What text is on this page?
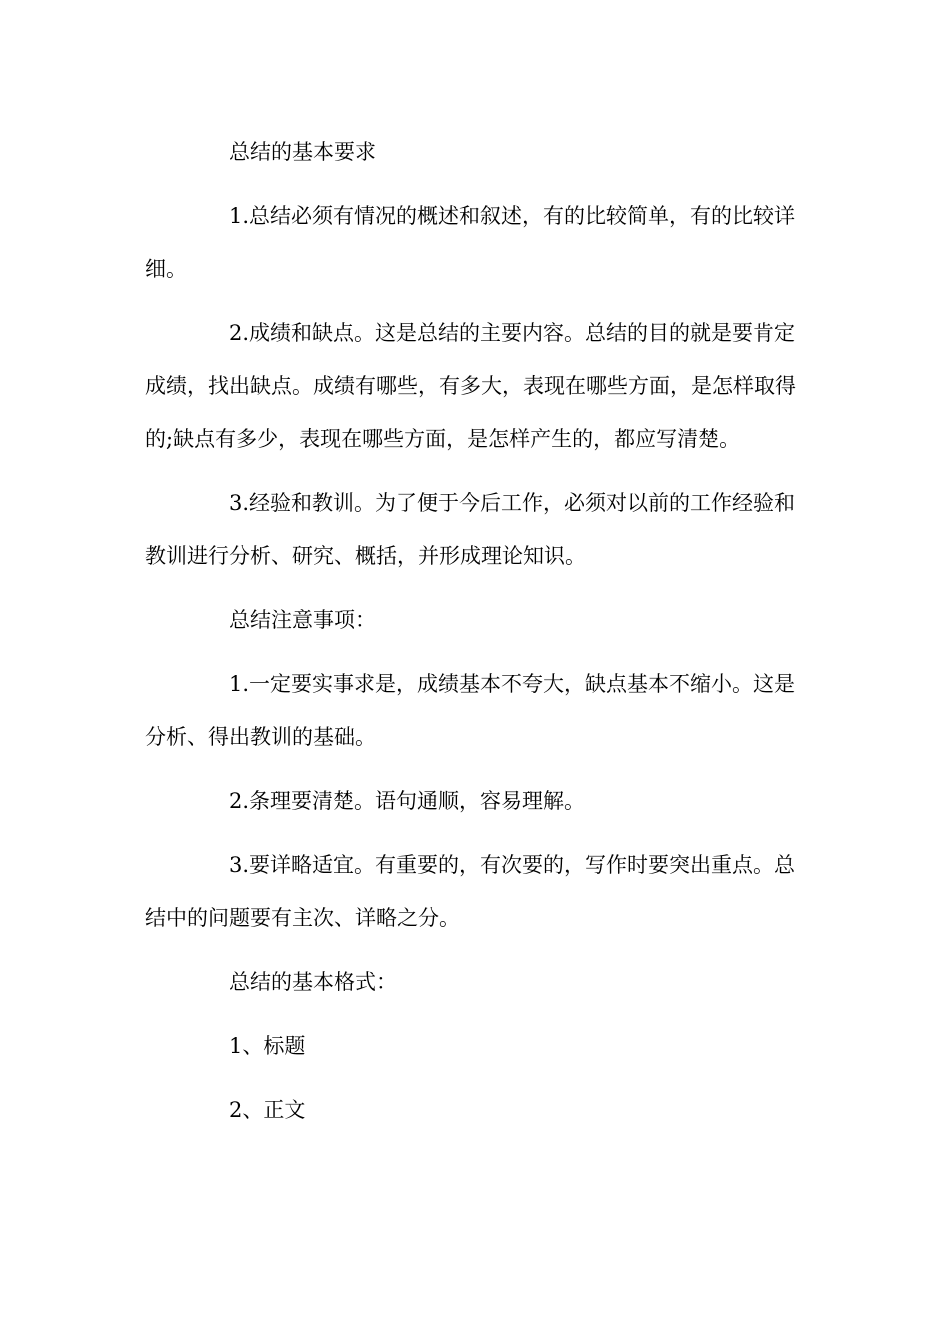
总结的基本要求

1.总结必须有情况的概述和叙述，有的比较简单，有的比较详细。

2.成绩和缺点。这是总结的主要内容。总结的目的就是要肯定成绩，找出缺点。成绩有哪些，有多大，表现在哪些方面，是怎样取得的;缺点有多少，表现在哪些方面，是怎样产生的，都应写清楚。

3.经验和教训。为了便于今后工作，必须对以前的工作经验和教训进行分析、研究、概括，并形成理论知识。

总结注意事项：

1.一定要实事求是，成绩基本不夸大，缺点基本不缩小。这是分析、得出教训的基础。

2.条理要清楚。语句通顺，容易理解。

3.要详略适宜。有重要的，有次要的，写作时要突出重点。总结中的问题要有主次、详略之分。

总结的基本格式：

1、标题

2、正文
